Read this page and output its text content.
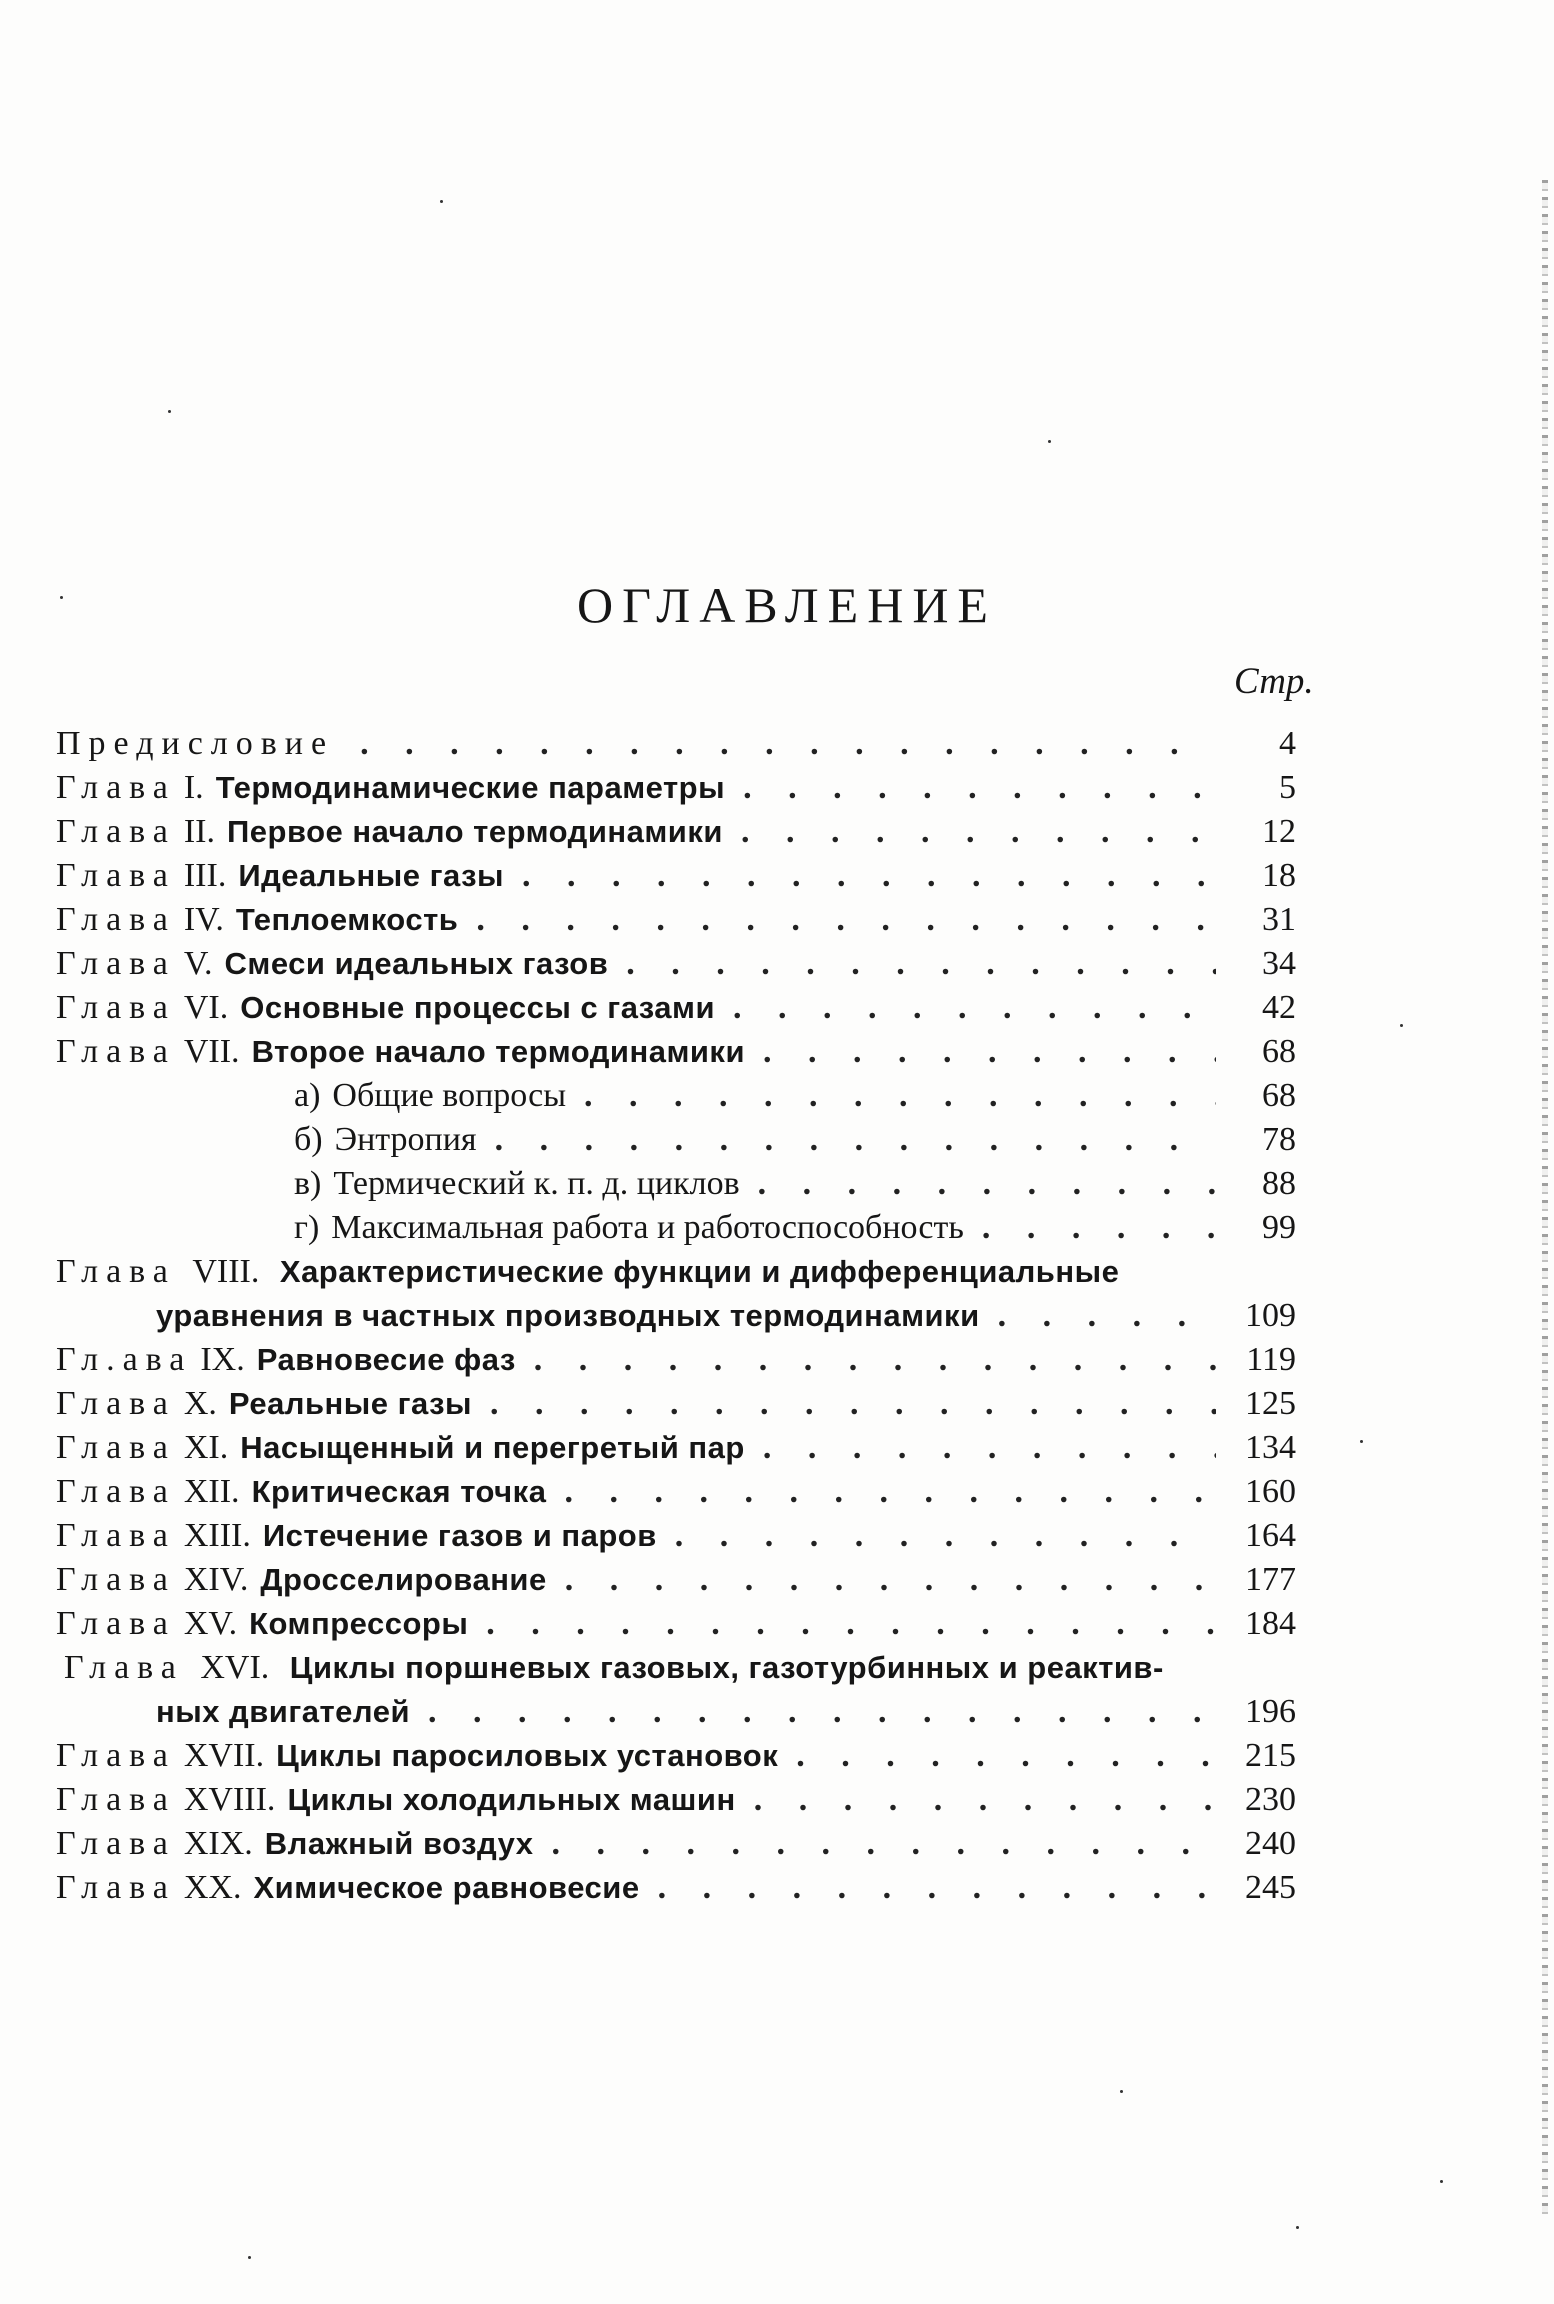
ОГЛАВЛЕНИЕ
Стр.
Предисловие . . .	4
Глава I. Термодинамические параметры . . .	5
Глава II. Первое начало термодинамики . . .	12
Глава III. Идеальные газы . . .	18
Глава IV. Теплоемкость . . .	31
Глава V. Смеси идеальных газов . . .	34
Глава VI. Основные процессы с газами . . .	42
Глава VII. Второе начало термодинамики . . .	68
а) Общие вопросы . . .	68
б) Энтропия . . .	78
в) Термический к. п. д. циклов . . .	88
г) Максимальная работа и работоспособность . . .	99
Глава VIII. Характеристические функции и дифференциальные
уравнения в частных производных термодинамики . . .	109
Гл.ава IX. Равновесие фаз . . .	119
Глава X. Реальные газы . . .	125
Глава XI. Насыщенный и перегретый пар . . .	134
Глава XII. Критическая точка . . .	160
Глава XIII. Истечение газов и паров . . .	164
Глава XIV. Дросселирование . . .	177
Глава XV. Компрессоры . . .	184
Глава XVI. Циклы поршневых газовых, газотурбинных и реактив-
ных двигателей . . .	196
Глава XVII. Циклы паросиловых установок . . .	215
Глава XVIII. Циклы холодильных машин . . .	230
Глава XIX. Влажный воздух . . .	240
Глава XX. Химическое равновесие . . .	245
